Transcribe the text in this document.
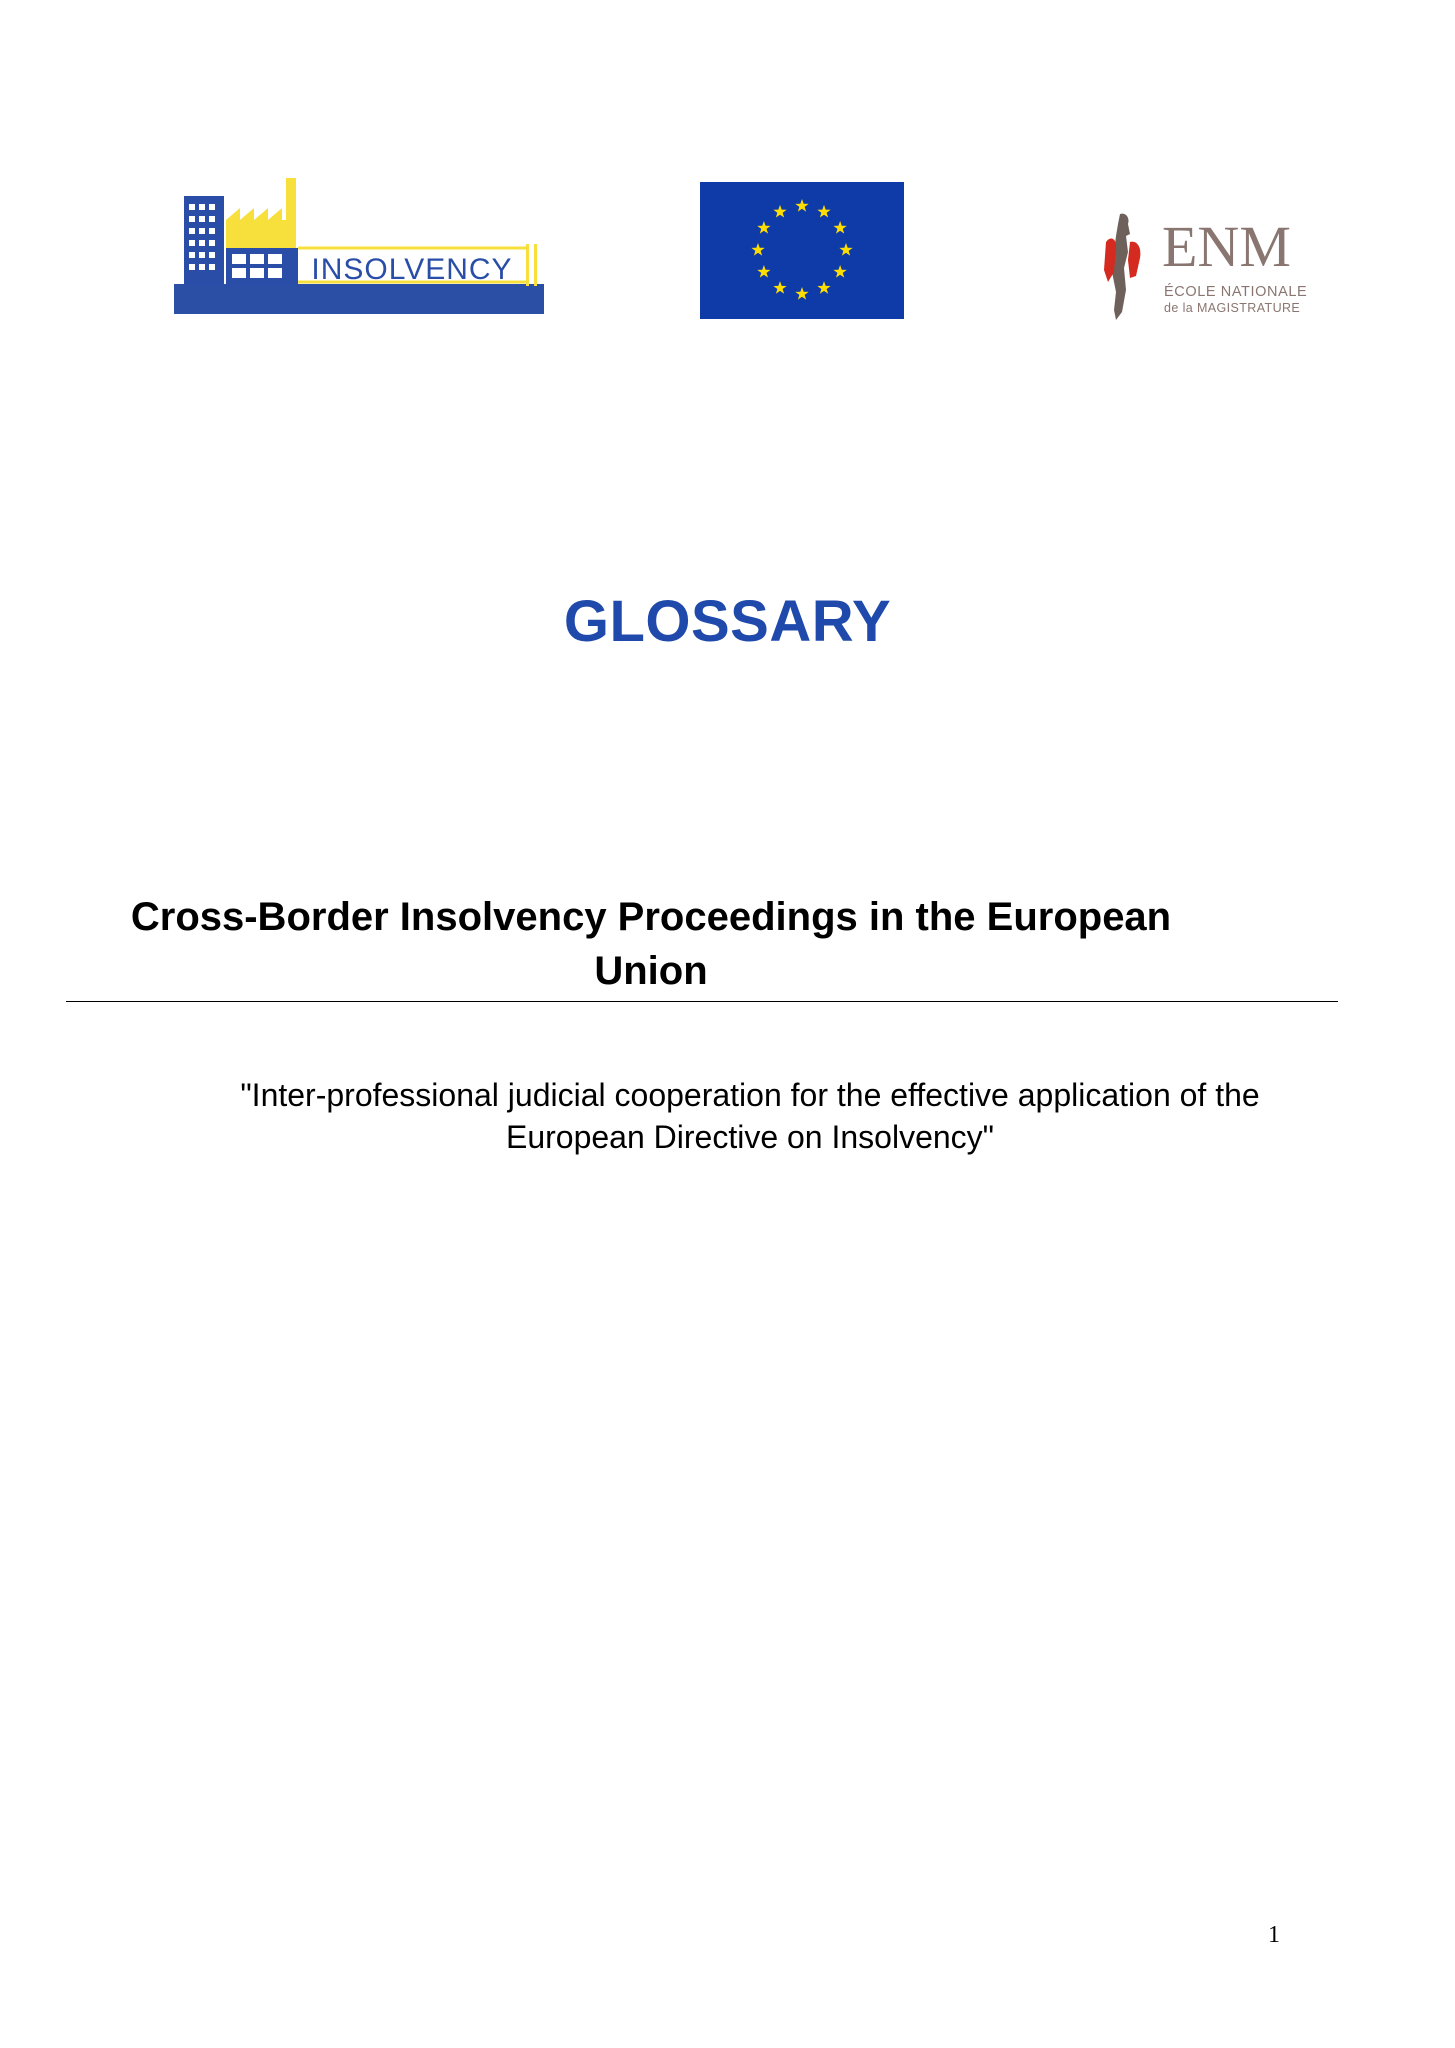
INSOLVENCY	ENM
ÉCOLE NATIONALE
de la MAGISTRATURE
GLOSSARY
Cross-Border Insolvency Proceedings in the European
Union
"Inter-professional judicial cooperation for the effective application of the
European Directive on Insolvency"
1
